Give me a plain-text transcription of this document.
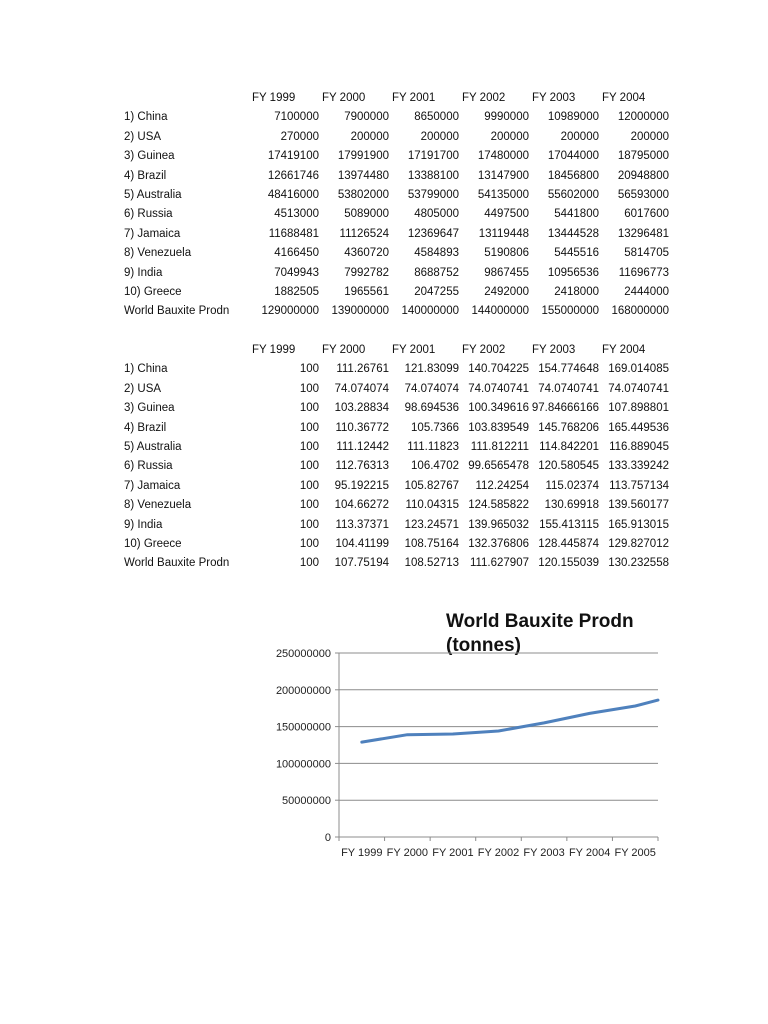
	FY 1999	FY 2000	FY 2001	FY 2002	FY 2003	FY 2004
1) China	7100000	7900000	8650000	9990000	10989000	12000000
2) USA	270000	200000	200000	200000	200000	200000
3) Guinea	17419100	17991900	17191700	17480000	17044000	18795000
4) Brazil	12661746	13974480	13388100	13147900	18456800	20948800
5) Australia	48416000	53802000	53799000	54135000	55602000	56593000
6) Russia	4513000	5089000	4805000	4497500	5441800	6017600
7) Jamaica	11688481	11126524	12369647	13119448	13444528	13296481
8) Venezuela	4166450	4360720	4584893	5190806	5445516	5814705
9) India	7049943	7992782	8688752	9867455	10956536	11696773
10) Greece	1882505	1965561	2047255	2492000	2418000	2444000
World Bauxite Prodn	129000000	139000000	140000000	144000000	155000000	168000000
	FY 1999	FY 2000	FY 2001	FY 2002	FY 2003	FY 2004
1) China	100	111.26761	121.83099	140.704225	154.774648	169.014085
2) USA	100	74.074074	74.074074	74.0740741	74.0740741	74.0740741
3) Guinea	100	103.28834	98.694536	100.349616	97.84666166	107.898801
4) Brazil	100	110.36772	105.7366	103.839549	145.768206	165.449536
5) Australia	100	111.12442	111.11823	111.812211	114.842201	116.889045
6) Russia	100	112.76313	106.4702	99.6565478	120.580545	133.339242
7) Jamaica	100	95.192215	105.82767	112.24254	115.02374	113.757134
8) Venezuela	100	104.66272	110.04315	124.585822	130.69918	139.560177
9) India	100	113.37371	123.24571	139.965032	155.413115	165.913015
10) Greece	100	104.41199	108.75164	132.376806	128.445874	129.827012
World Bauxite Prodn	100	107.75194	108.52713	111.627907	120.155039	130.232558
World Bauxite Prodn
(tonnes)
0
50000000
100000000
150000000
200000000
250000000
FY 1999 FY 2000 FY 2001 FY 2002 FY 2003 FY 2004 FY 2005
